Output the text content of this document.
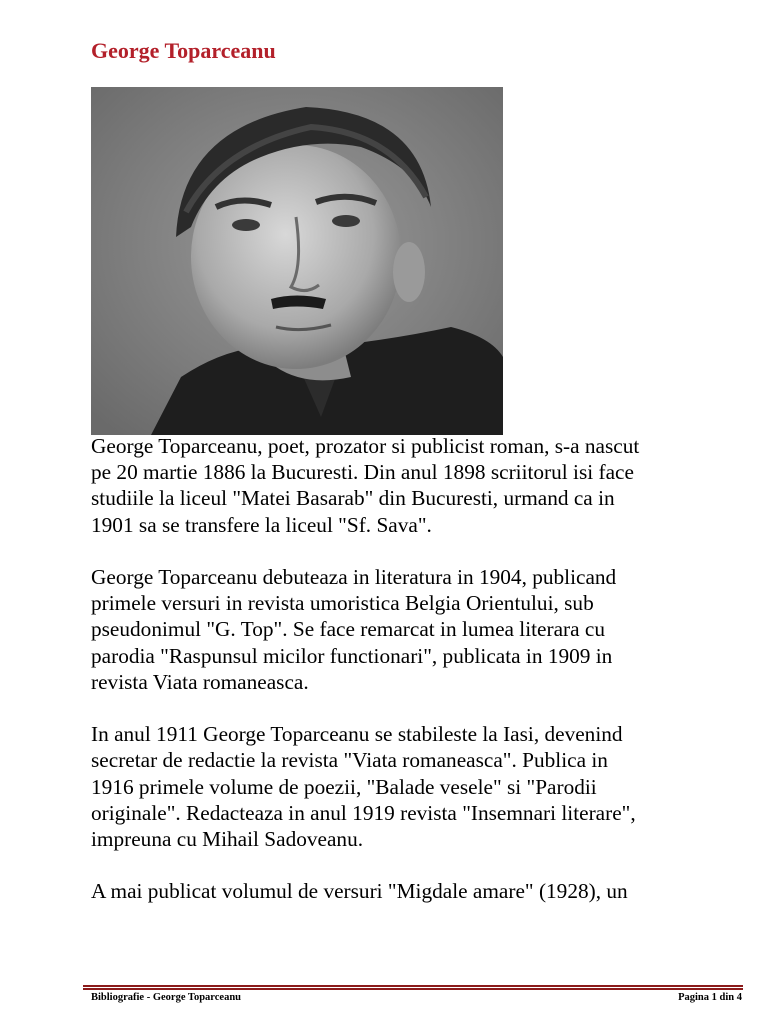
George Toparceanu

George Toparceanu, poet, prozator si publicist roman, s-a nascut
pe 20 martie 1886 la Bucuresti. Din anul 1898 scriitorul isi face
studiile la liceul "Matei Basarab" din Bucuresti, urmand ca in
1901 sa se transfere la liceul "Sf. Sava".

George Toparceanu debuteaza in literatura in 1904, publicand
primele versuri in revista umoristica Belgia Orientului, sub
pseudonimul "G. Top". Se face remarcat in lumea literara cu
parodia "Raspunsul micilor functionari", publicata in 1909 in
revista Viata romaneasca.

In anul 1911 George Toparceanu se stabileste la Iasi, devenind
secretar de redactie la revista "Viata romaneasca". Publica in
1916 primele volume de poezii, "Balade vesele" si "Parodii
originale". Redacteaza in anul 1919 revista "Insemnari literare",
impreuna cu Mihail Sadoveanu.

A mai publicat volumul de versuri "Migdale amare" (1928), un

Bibliografie - George Toparceanu	Pagina 1 din 4
